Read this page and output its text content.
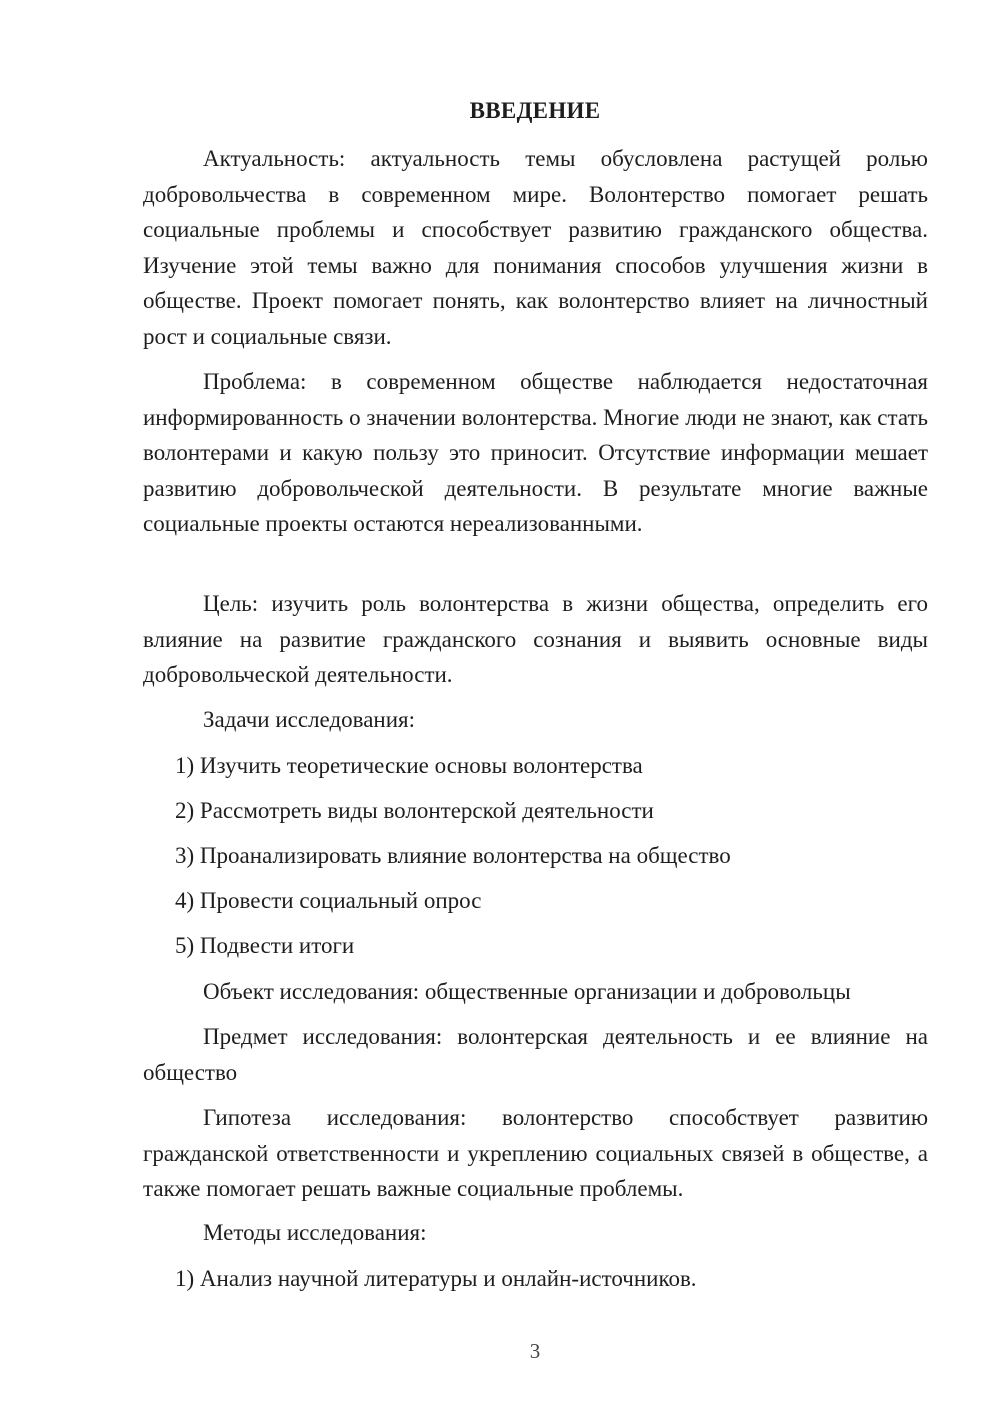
ВВЕДЕНИЕ

Актуальность: актуальность темы обусловлена растущей ролью добровольчества в современном мире. Волонтерство помогает решать социальные проблемы и способствует развитию гражданского общества. Изучение этой темы важно для понимания способов улучшения жизни в обществе. Проект помогает понять, как волонтерство влияет на личностный рост и социальные связи.

Проблема: в современном обществе наблюдается недостаточная информированность о значении волонтерства. Многие люди не знают, как стать волонтерами и какую пользу это приносит. Отсутствие информации мешает развитию добровольческой деятельности. В результате многие важные социальные проекты остаются нереализованными.

Цель: изучить роль волонтерства в жизни общества, определить его влияние на развитие гражданского сознания и выявить основные виды добровольческой деятельности.

Задачи исследования:

1) Изучить теоретические основы волонтерства

2) Рассмотреть виды волонтерской деятельности

3) Проанализировать влияние волонтерства на общество

4) Провести социальный опрос

5) Подвести итоги

Объект исследования: общественные организации и добровольцы

Предмет исследования: волонтерская деятельность и ее влияние на общество

Гипотеза исследования: волонтерство способствует развитию гражданской ответственности и укреплению социальных связей в обществе, а также помогает решать важные социальные проблемы.

Методы исследования:

1) Анализ научной литературы и онлайн-источников.

3
